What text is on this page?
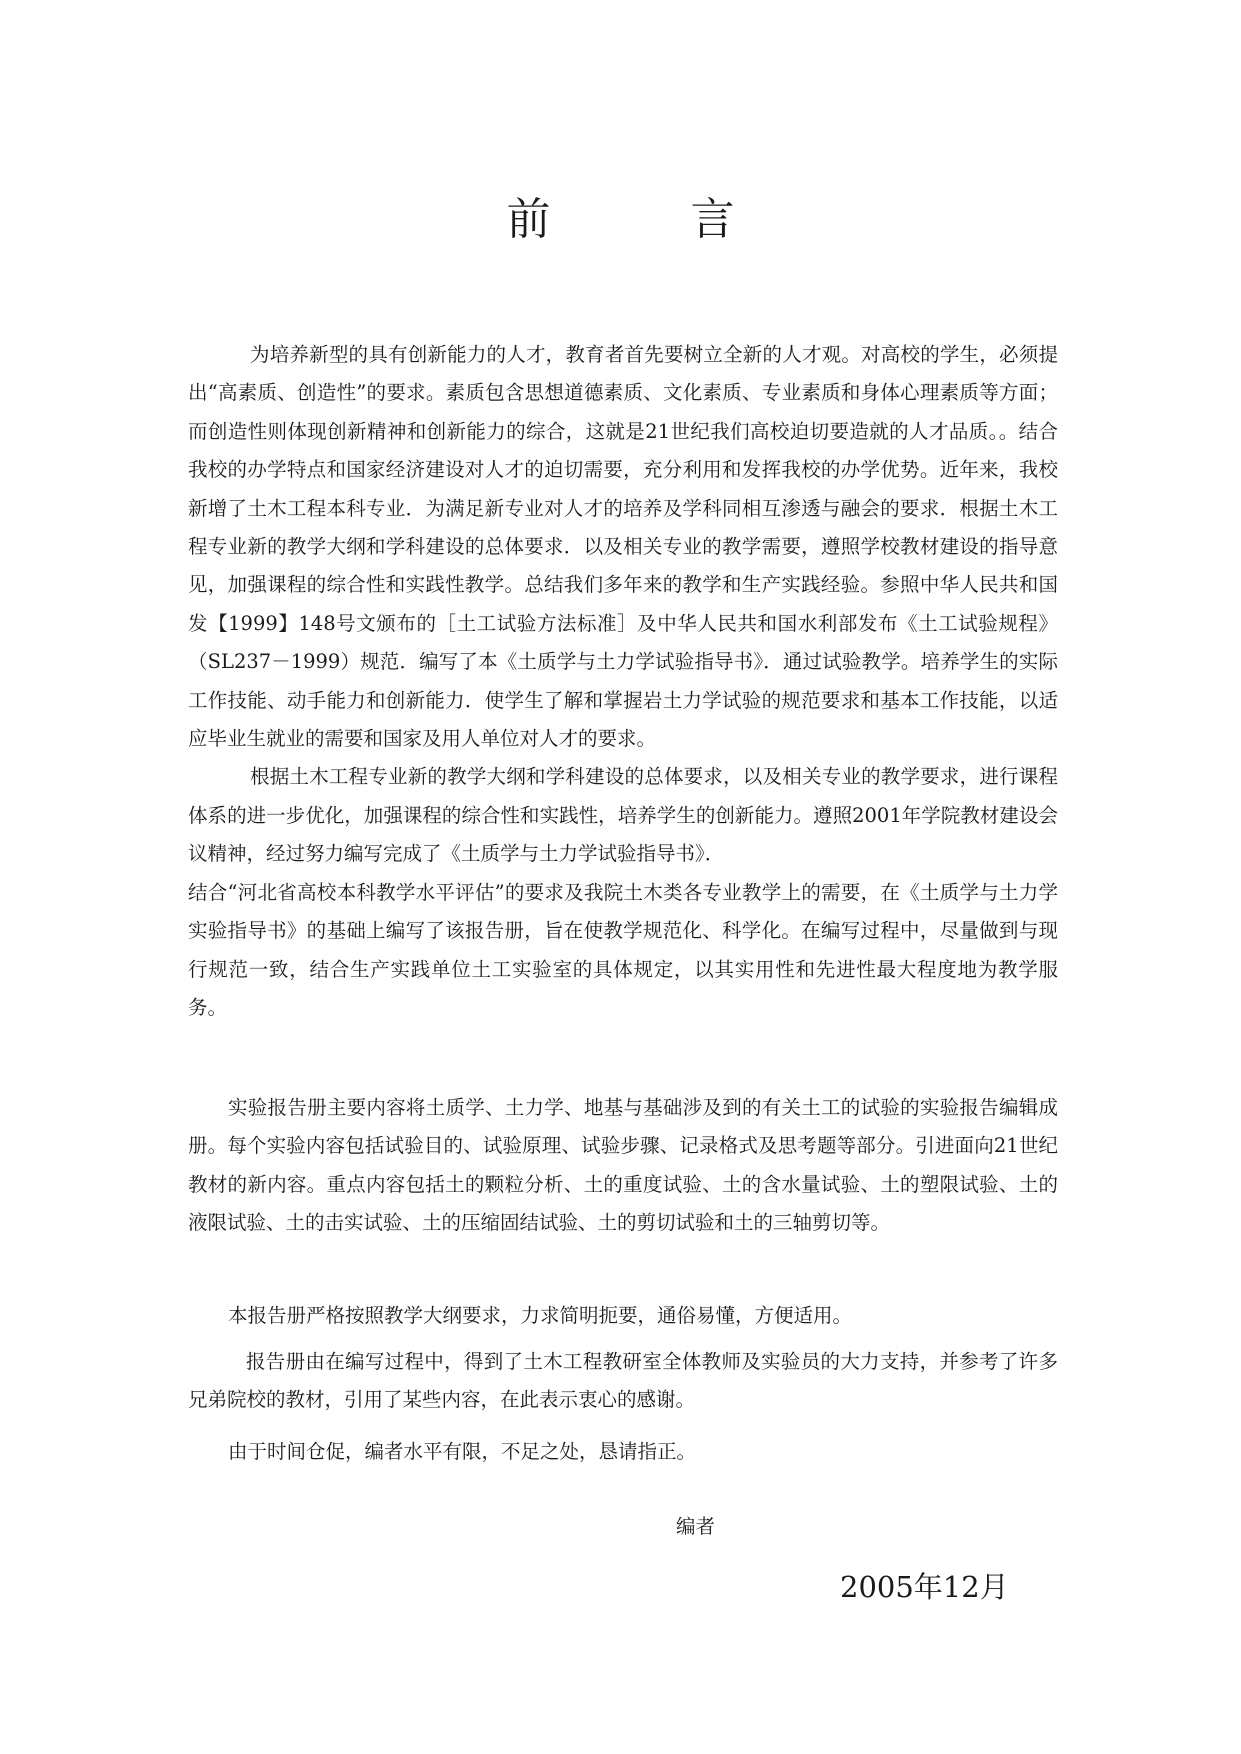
前　言

为培养新型的具有创新能力的人才，教育者首先要树立全新的人才观。对高校的学生，必须提出“高素质、创造性”的要求。素质包含思想道德素质、文化素质、专业素质和身体心理素质等方面；而创造性则体现创新精神和创新能力的综合，这就是21世纪我们高校迫切要造就的人才品质。。结合我校的办学特点和国家经济建设对人才的迫切需要，充分利用和发挥我校的办学优势。近年来，我校新增了土木工程本科专业．为满足新专业对人才的培养及学科同相互渗透与融会的要求．根据土木工程专业新的教学大纲和学科建设的总体要求．以及相关专业的教学需要，遵照学校教材建设的指导意见，加强课程的综合性和实践性教学。总结我们多年来的教学和生产实践经验。参照中华人民共和国发【1999】148号文颁布的［土工试验方法标准］及中华人民共和国水利部发布《土工试验规程》（SL237－1999）规范．编写了本《土质学与土力学试验指导书》．通过试验教学。培养学生的实际工作技能、动手能力和创新能力．使学生了解和掌握岩土力学试验的规范要求和基本工作技能，以适应毕业生就业的需要和国家及用人单位对人才的要求。

根据土木工程专业新的教学大纲和学科建设的总体要求，以及相关专业的教学要求，进行课程体系的进一步优化，加强课程的综合性和实践性，培养学生的创新能力。遵照2001年学院教材建设会议精神，经过努力编写完成了《土质学与土力学试验指导书》．

结合“河北省高校本科教学水平评估”的要求及我院土木类各专业教学上的需要，在《土质学与土力学实验指导书》的基础上编写了该报告册，旨在使教学规范化、科学化。在编写过程中，尽量做到与现行规范一致，结合生产实践单位土工实验室的具体规定，以其实用性和先进性最大程度地为教学服务。

实验报告册主要内容将土质学、土力学、地基与基础涉及到的有关土工的试验的实验报告编辑成册。每个实验内容包括试验目的、试验原理、试验步骤、记录格式及思考题等部分。引进面向21世纪教材的新内容。重点内容包括土的颗粒分析、土的重度试验、土的含水量试验、土的塑限试验、土的液限试验、土的击实试验、土的压缩固结试验、土的剪切试验和土的三轴剪切等。

本报告册严格按照教学大纲要求，力求简明扼要，通俗易懂，方便适用。

报告册由在编写过程中，得到了土木工程教研室全体教师及实验员的大力支持，并参考了许多兄弟院校的教材，引用了某些内容，在此表示衷心的感谢。

由于时间仓促，编者水平有限，不足之处，恳请指正。

编者
2005年12月
